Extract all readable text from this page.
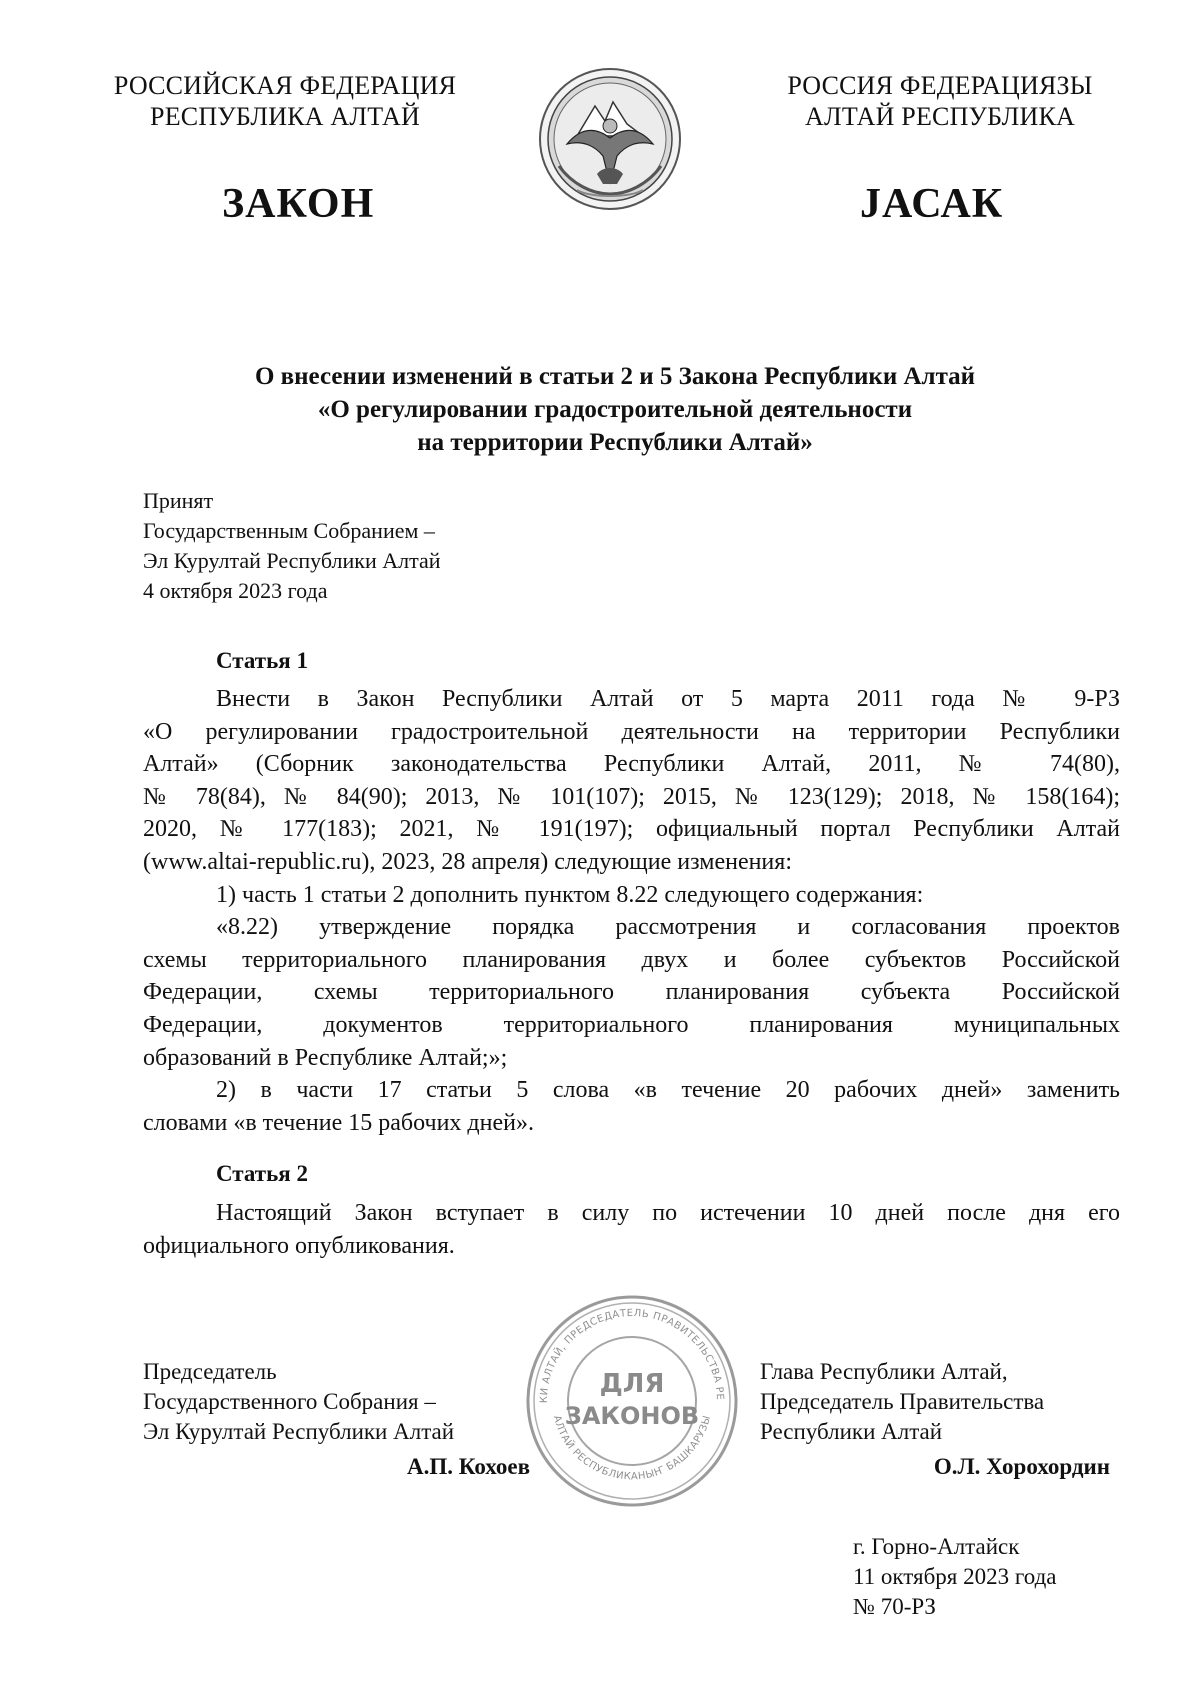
РОССИЙСКАЯ ФЕДЕРАЦИЯ
РЕСПУБЛИКА АЛТАЙ
РОССИЯ ФЕДЕРАЦИЯЗЫ
АЛТАЙ РЕСПУБЛИКА
ЗАКОН	JАСАК
О внесении изменений в статьи 2 и 5 Закона Республики Алтай
«О регулировании градостроительной деятельности
на территории Республики Алтай»
Принят
Государственным Собранием –
Эл Курултай Республики Алтай
4 октября 2023 года
Статья 1
Внести в Закон Республики Алтай от 5 марта 2011 года № 9-РЗ
«О регулировании градостроительной деятельности на территории Республики
Алтай» (Сборник законодательства Республики Алтай, 2011, № 74(80),
№ 78(84), № 84(90); 2013, № 101(107); 2015, № 123(129); 2018, № 158(164);
2020, № 177(183); 2021, № 191(197); официальный портал Республики Алтай
(www.altai-republic.ru), 2023, 28 апреля) следующие изменения:
1) часть 1 статьи 2 дополнить пунктом 8.22 следующего содержания:
«8.22) утверждение порядка рассмотрения и согласования проектов
схемы территориального планирования двух и более субъектов Российской
Федерации, схемы территориального планирования субъекта Российской
Федерации, документов территориального планирования муниципальных
образований в Республике Алтай;»;
2) в части 17 статьи 5 слова «в течение 20 рабочих дней» заменить
словами «в течение 15 рабочих дней».
Статья 2
Настоящий Закон вступает в силу по истечении 10 дней после дня его
официального опубликования.
КИ АЛТАЙ, ПРЕДСЕДАТЕЛЬ ПРАВИТЕЛЬСТВА РЕ
АЛТАЙ РЕСПУБЛИКАНЫҤ БАШКАРУЗЫ
ДЛЯ
ЗАКОНОВ
Председатель
Государственного Собрания –
Эл Курултай Республики Алтай
А.П. Кохоев
Глава Республики Алтай,
Председатель Правительства
Республики Алтай
О.Л. Хорохордин
г. Горно-Алтайск
11 октября 2023 года
№ 70-РЗ
